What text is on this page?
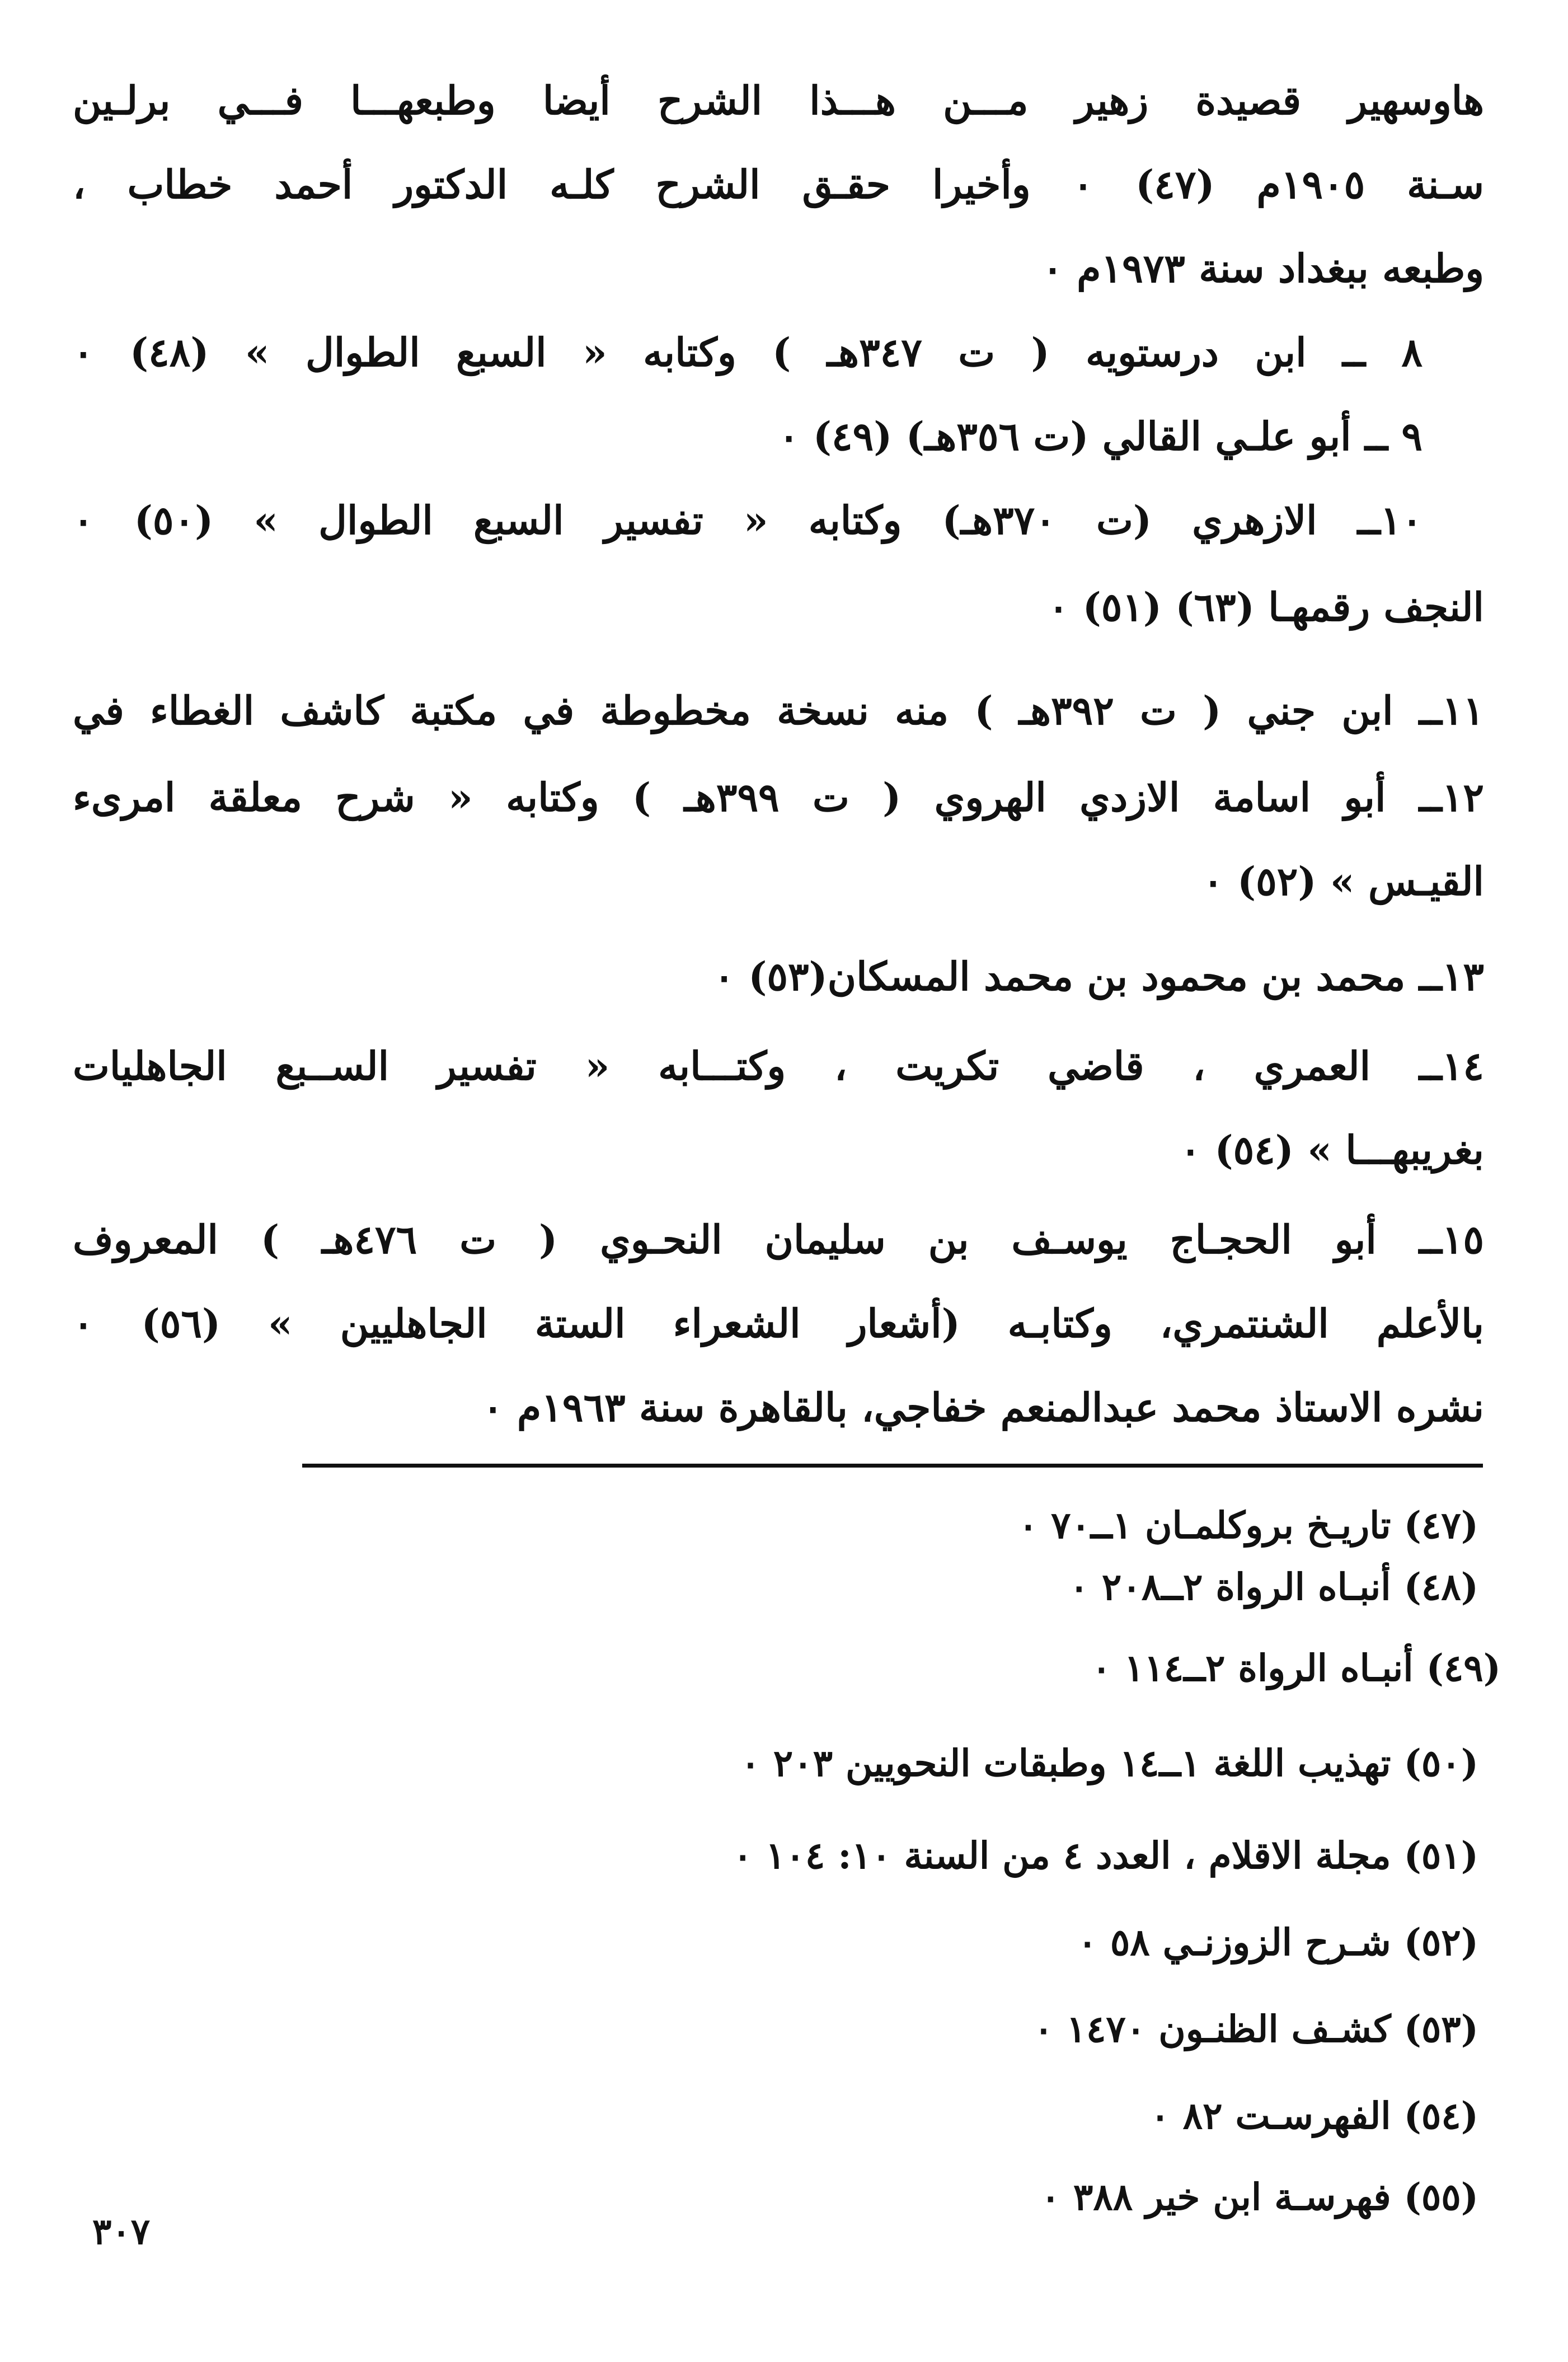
هاوسهير قصيدة زهير مـــن هـــذا الشرح أيضا وطبعهـــا فـــي برلـين
سـنة ١٩٠٥م (٤٧) ٠ وأخيرا حقـق الشرح كلـه الدكتور أحمد خطاب ،
وطبعه ببغداد سنة ١٩٧٣م ٠
٨ ــ ابن درستويه ( ت ٣٤٧هـ ) وكتابه « السبع الطوال » (٤٨) ٠
٩ ــ أبو علـي القالي (ت ٣٥٦هـ) (٤٩) ٠
١٠ــ الازهري (ت ٣٧٠هـ) وكتابه « تفسير السبع الطوال » (٥٠) ٠
النجف رقمهـا (٦٣) (٥١) ٠
١١ــ ابن جني ( ت ٣٩٢هـ ) منه نسخة مخطوطة في مكتبة كاشف الغطاء في
١٢ــ أبو اسامة الازدي الهروي ( ت ٣٩٩هـ ) وكتابه « شرح معلقة امرىء
القيـس » (٥٢) ٠
١٣ــ محمد بن محمود بن محمد المسكان(٥٣) ٠
١٤ــ العمري ، قاضي تكريت ، وكتـــابه « تفسير الســبع الجاهليات
بغريبهـــا » (٥٤) ٠
١٥ــ أبو الحجـاج يوسـف بن سليمان النحـوي ( ت ٤٧٦هـ ) المعروف
بالأعلم الشنتمري، وكتابـه (أشعار الشعراء الستة الجاهليين » (٥٦) ٠
نشره الاستاذ محمد عبدالمنعم خفاجي، بالقاهرة سنة ١٩٦٣م ٠
(٤٧) تاريـخ بروكلمـان ١ــ٧٠ ٠
(٤٨) أنبـاه الرواة ٢ــ٢٠٨ ٠
(٤٩) أنبـاه الرواة ٢ــ١١٤ ٠
(٥٠) تهذيب اللغة ١ــ١٤ وطبقات النحويين ٢٠٣ ٠
(٥١) مجلة الاقلام ، العدد ٤ من السنة ١٠: ١٠٤ ٠
(٥٢) شـرح الزوزنـي ٥٨ ٠
(٥٣) كشـف الظنـون ١٤٧٠ ٠
(٥٤) الفهرسـت ٨٢ ٠
(٥٥) فهرسـة ابن خير ٣٨٨ ٠
٣٠٧
